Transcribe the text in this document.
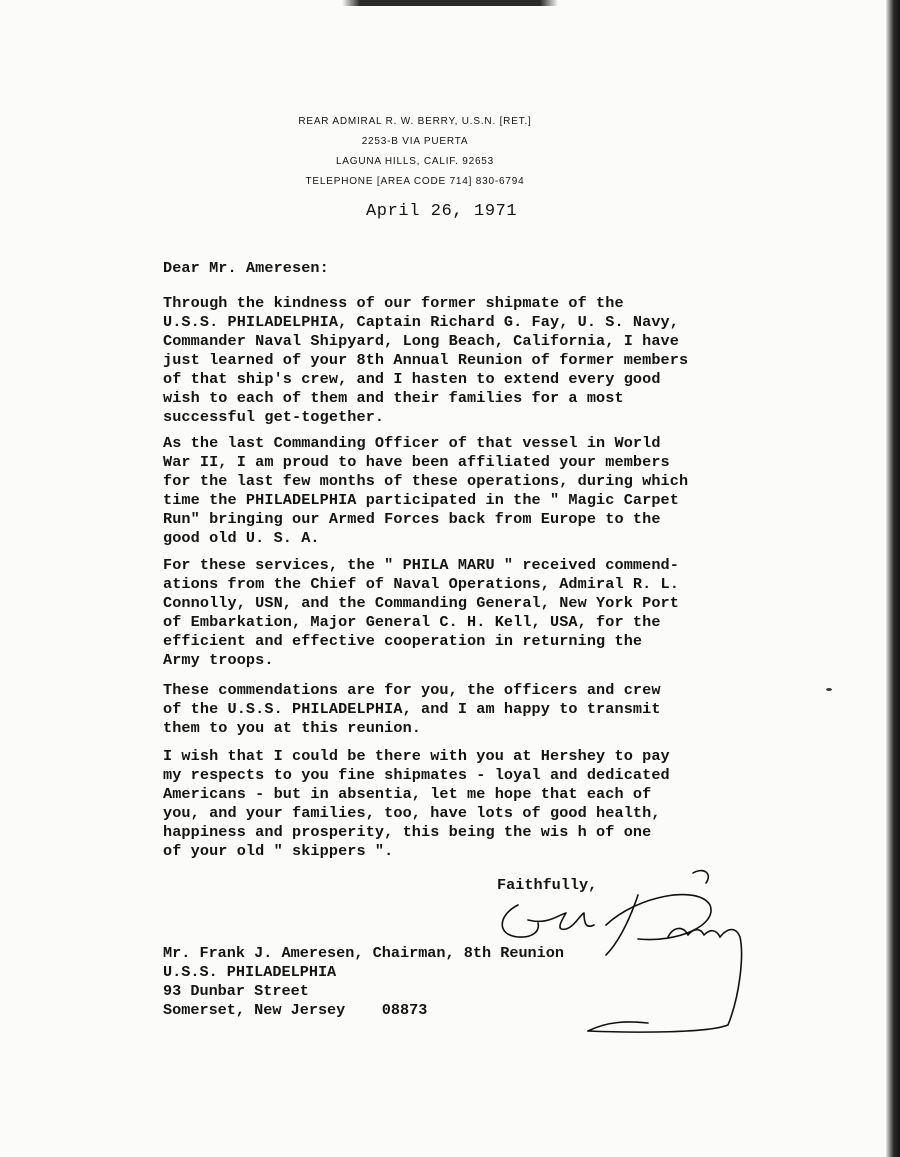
REAR ADMIRAL R. W. BERRY, U.S.N. [RET.]
2253-B VIA PUERTA
LAGUNA HILLS, CALIF. 92653
TELEPHONE [AREA CODE 714] 830-6794
April 26, 1971
Dear Mr. Ameresen:
Through the kindness of our former shipmate of the
U.S.S. PHILADELPHIA, Captain Richard G. Fay, U. S. Navy,
Commander Naval Shipyard, Long Beach, California, I have
just learned of your 8th Annual Reunion of former members
of that ship's crew, and I hasten to extend every good
wish to each of them and their families for a most
successful get-together.
As the last Commanding Officer of that vessel in World
War II, I am proud to have been affiliated your members
for the last few months of these operations, during which
time the PHILADELPHIA participated in the " Magic Carpet
Run" bringing our Armed Forces back from Europe to the
good old U. S. A.
For these services, the " PHILA MARU " received commend-
ations from the Chief of Naval Operations, Admiral R. L.
Connolly, USN, and the Commanding General, New York Port
of Embarkation, Major General C. H. Kell, USA, for the
efficient and effective cooperation in returning the
Army troops.
These commendations are for you, the officers and crew
of the U.S.S. PHILADELPHIA, and I am happy to transmit
them to you at this reunion.
I wish that I could be there with you at Hershey to pay
my respects to you fine shipmates - loyal and dedicated
Americans - but in absentia, let me hope that each of
you, and your families, too, have lots of good health,
happiness and prosperity, this being the wis h of one
of your old " skippers ".
Faithfully,
Mr. Frank J. Ameresen, Chairman, 8th Reunion
U.S.S. PHILADELPHIA
93 Dunbar Street
Somerset, New Jersey    08873
